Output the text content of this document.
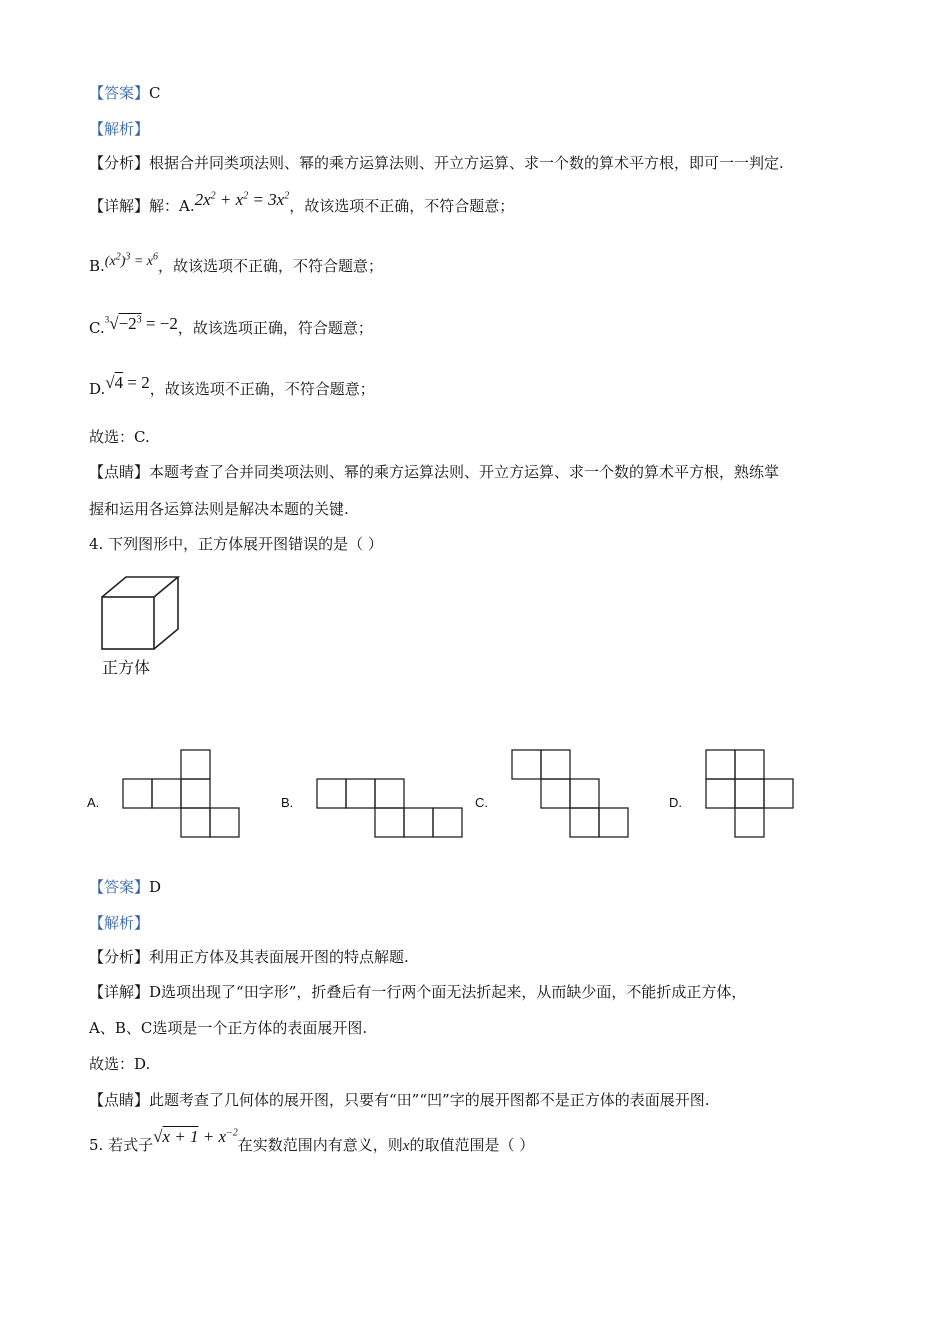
【答案】C
【解析】
【分析】根据合并同类项法则、幂的乘方运算法则、开立方运算、求一个数的算术平方根，即可一一判定.
【详解】解：$A.2x^2 + x^2 = 3x^2$，故该选项不正确，不符合题意；
$B.(x^2)^3 = x^6$，故该选项不正确，不符合题意；
$C.^3√-2^3 = -2$，故该选项正确，符合题意；
D.√4 = 2，故该选项不正确，不符合题意；
故选：C.
【点睛】本题考查了合并同类项法则、幂的乘方运算法则、开立方运算、求一个数的算术平方根，熟练掌
握和运用各运算法则是解决本题的关键.
4. 下列图形中，正方体展开图错误的是（ ）
正方体
A.	B.	C.	D.
【答案】D
【解析】
【分析】利用正方体及其表面展开图的特点解题.
【详解】D选项出现了“田字形”，折叠后有一行两个面无法折起来，从而缺少面，不能折成正方体，
A、B、C选项是一个正方体的表面展开图.
故选：D.
【点睛】此题考查了几何体的展开图，只要有“田”“凹”字的展开图都不是正方体的表面展开图.
5. 若式子$√x + 1 + x^{-2}$在实数范围内有意义，则x的取值范围是（ ）
